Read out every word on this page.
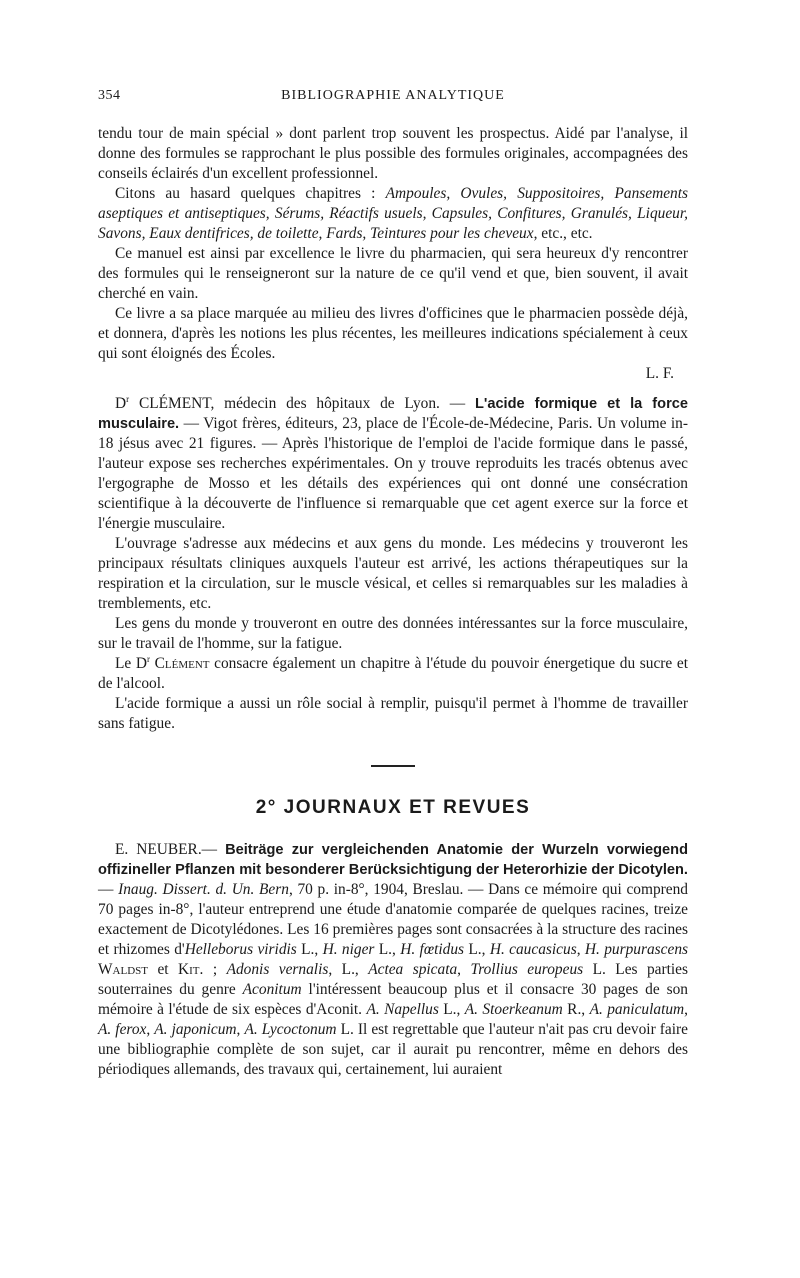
354	BIBLIOGRAPHIE ANALYTIQUE

tendu tour de main spécial » dont parlent trop souvent les prospectus. Aidé par l'analyse, il donne des formules se rapprochant le plus possible des formules originales, accompagnées des conseils éclairés d'un excellent professionnel.

Citons au hasard quelques chapitres : Ampoules, Ovules, Suppositoires, Pansements aseptiques et antiseptiques, Sérums, Réactifs usuels, Capsules, Confitures, Granulés, Liqueur, Savons, Eaux dentifrices, de toilette, Fards, Teintures pour les cheveux, etc., etc.

Ce manuel est ainsi par excellence le livre du pharmacien, qui sera heureux d'y rencontrer des formules qui le renseigneront sur la nature de ce qu'il vend et que, bien souvent, il avait cherché en vain.

Ce livre a sa place marquée au milieu des livres d'officines que le pharmacien possède déjà, et donnera, d'après les notions les plus récentes, les meilleures indications spécialement à ceux qui sont éloignés des Écoles.

L. F.

$D^r$ CLÉMENT, médecin des hôpitaux de Lyon. — L'acide formique et la force musculaire. — Vigot frères, éditeurs, 23, place de l'École-de-Médecine, Paris. Un volume in-18 jésus avec 21 figures. — Après l'historique de l'emploi de l'acide formique dans le passé, l'auteur expose ses recherches expérimentales. On y trouve reproduits les tracés obtenus avec l'ergographe de Mosso et les détails des expériences qui ont donné une consécration scientifique à la découverte de l'influence si remarquable que cet agent exerce sur la force et l'énergie musculaire.

L'ouvrage s'adresse aux médecins et aux gens du monde. Les médecins y trouveront les principaux résultats cliniques auxquels l'auteur est arrivé, les actions thérapeutiques sur la respiration et la circulation, sur le muscle vésical, et celles si remarquables sur les maladies à tremblements, etc.

Les gens du monde y trouveront en outre des données intéressantes sur la force musculaire, sur le travail de l'homme, sur la fatigue.

Le $D^r$ Clément consacre également un chapitre à l'étude du pouvoir énergetique du sucre et de l'alcool.

L'acide formique a aussi un rôle social à remplir, puisqu'il permet à l'homme de travailler sans fatigue.

2° JOURNAUX ET REVUES

E. NEUBER.— Beiträge zur vergleichenden Anatomie der Wurzeln vorwiegend offizineller Pflanzen mit besonderer Berücksichtigung der Heterorhizie der Dicotylen. — Inaug. Dissert. d. Un. Bern, 70 p. in-8°, 1904, Breslau. — Dans ce mémoire qui comprend 70 pages in-8°, l'auteur entreprend une étude d'anatomie comparée de quelques racines, treize exactement de Dicotylédones. Les 16 premières pages sont consacrées à la structure des racines et rhizomes d'Helleborus viridis L., H. niger L., H. fœtidus L., H. caucasicus, H. purpurascens Waldst et Kit. ; Adonis vernalis, L., Actea spicata, Trollius europeus L. Les parties souterraines du genre Aconitum l'intéressent beaucoup plus et il consacre 30 pages de son mémoire à l'étude de six espèces d'Aconit. A. Napellus L., A. Stoerkeanum R., A. paniculatum, A. ferox, A. japonicum, A. Lycoctonum L. Il est regrettable que l'auteur n'ait pas cru devoir faire une bibliographie complète de son sujet, car il aurait pu rencontrer, même en dehors des périodiques allemands, des travaux qui, certainement, lui auraient
